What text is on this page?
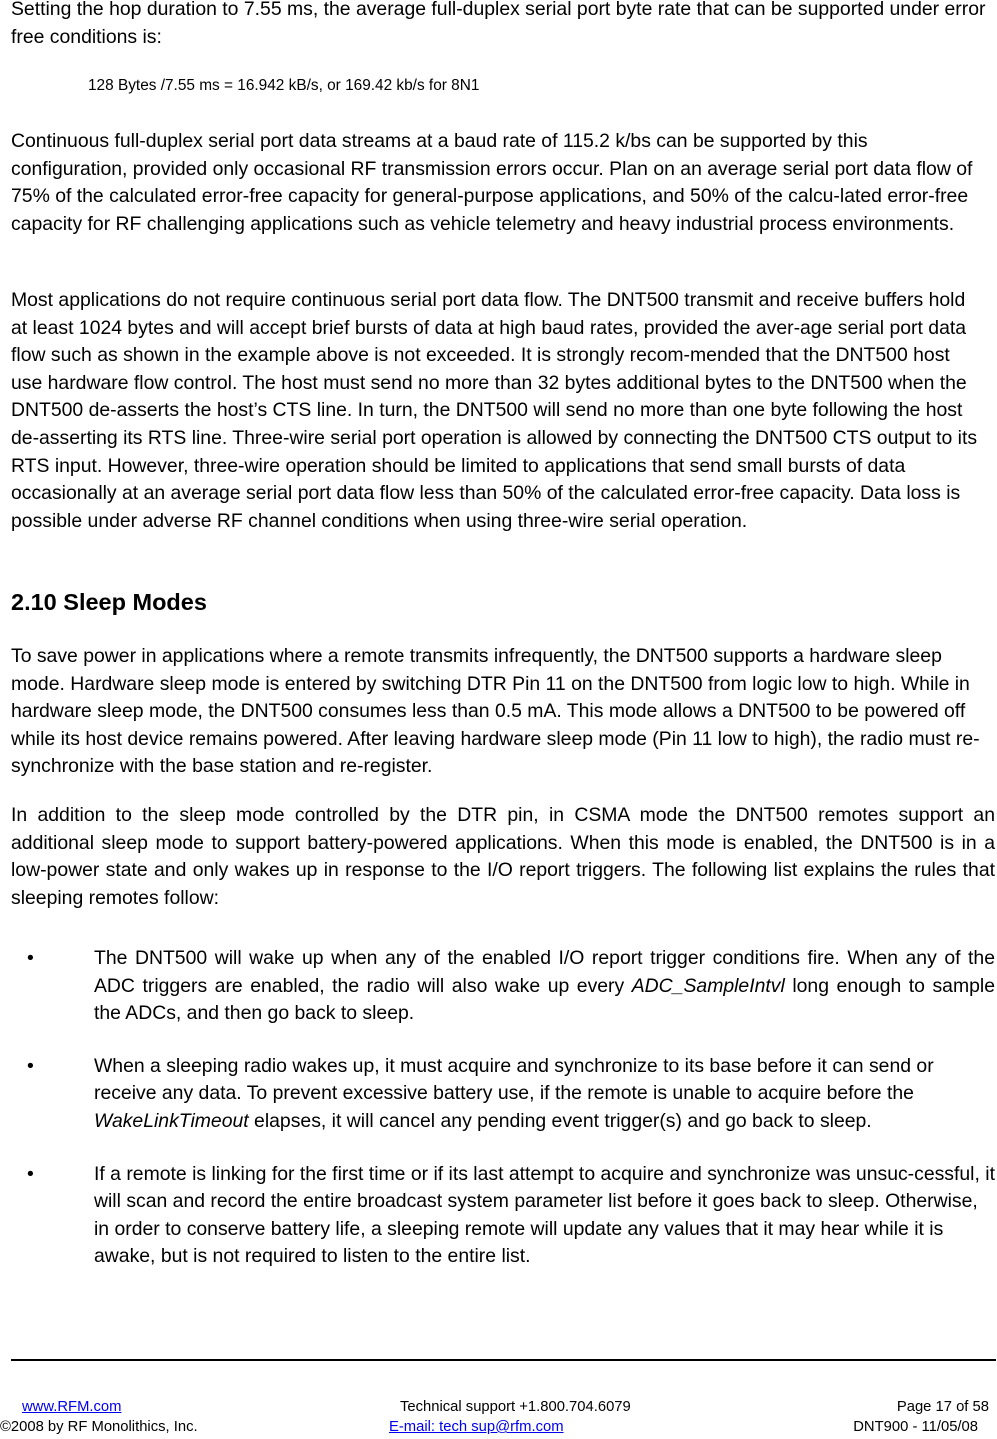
Setting the hop duration to 7.55 ms, the average full-duplex serial port byte rate that can be supported under error free conditions is:

128 Bytes /7.55 ms = 16.942 kB/s, or 169.42 kb/s for 8N1

Continuous full-duplex serial port data streams at a baud rate of 115.2 k/bs can be supported by this configuration, provided only occasional RF transmission errors occur. Plan on an average serial port data flow of 75% of the calculated error-free capacity for general-purpose applications, and 50% of the calcu-lated error-free capacity for RF challenging applications such as vehicle telemetry and heavy industrial process environments.

Most applications do not require continuous serial port data flow. The DNT500 transmit and receive buffers hold at least 1024 bytes and will accept brief bursts of data at high baud rates, provided the aver-age serial port data flow such as shown in the example above is not exceeded. It is strongly recom-mended that the DNT500 host use hardware flow control. The host must send no more than 32 bytes additional bytes to the DNT500 when the DNT500 de-asserts the host’s CTS line. In turn, the DNT500 will send no more than one byte following the host de-asserting its RTS line. Three-wire serial port operation is allowed by connecting the DNT500 CTS output to its RTS input. However, three-wire operation should be limited to applications that send small bursts of data occasionally at an average serial port data flow less than 50% of the calculated error-free capacity. Data loss is possible under adverse RF channel conditions when using three-wire serial operation.

2.10 Sleep Modes

To save power in applications where a remote transmits infrequently, the DNT500 supports a hardware sleep mode. Hardware sleep mode is entered by switching DTR Pin 11 on the DNT500 from logic low to high. While in hardware sleep mode, the DNT500 consumes less than 0.5 mA. This mode allows a DNT500 to be powered off while its host device remains powered. After leaving hardware sleep mode (Pin 11 low to high), the radio must re-synchronize with the base station and re-register.

In addition to the sleep mode controlled by the DTR pin, in CSMA mode the DNT500 remotes support an additional sleep mode to support battery-powered applications. When this mode is enabled, the DNT500 is in a low-power state and only wakes up in response to the I/O report triggers. The following list explains the rules that sleeping remotes follow:

•	The DNT500 will wake up when any of the enabled I/O report trigger conditions fire. When any of the ADC triggers are enabled, the radio will also wake up every ADC_SampleIntvl long enough to sample the ADCs, and then go back to sleep.
•	When a sleeping radio wakes up, it must acquire and synchronize to its base before it can send or receive any data. To prevent excessive battery use, if the remote is unable to acquire before the WakeLinkTimeout elapses, it will cancel any pending event trigger(s) and go back to sleep.
•	If a remote is linking for the first time or if its last attempt to acquire and synchronize was unsuc-cessful, it will scan and record the entire broadcast system parameter list before it goes back to sleep. Otherwise, in order to conserve battery life, a sleeping remote will update any values that it may hear while it is awake, but is not required to listen to the entire list.
www.RFM.com	Technical support +1.800.704.6079	Page 17 of 58
©2008 by RF Monolithics, Inc.	E-mail: tech sup@rfm.com	DNT900 - 11/05/08
